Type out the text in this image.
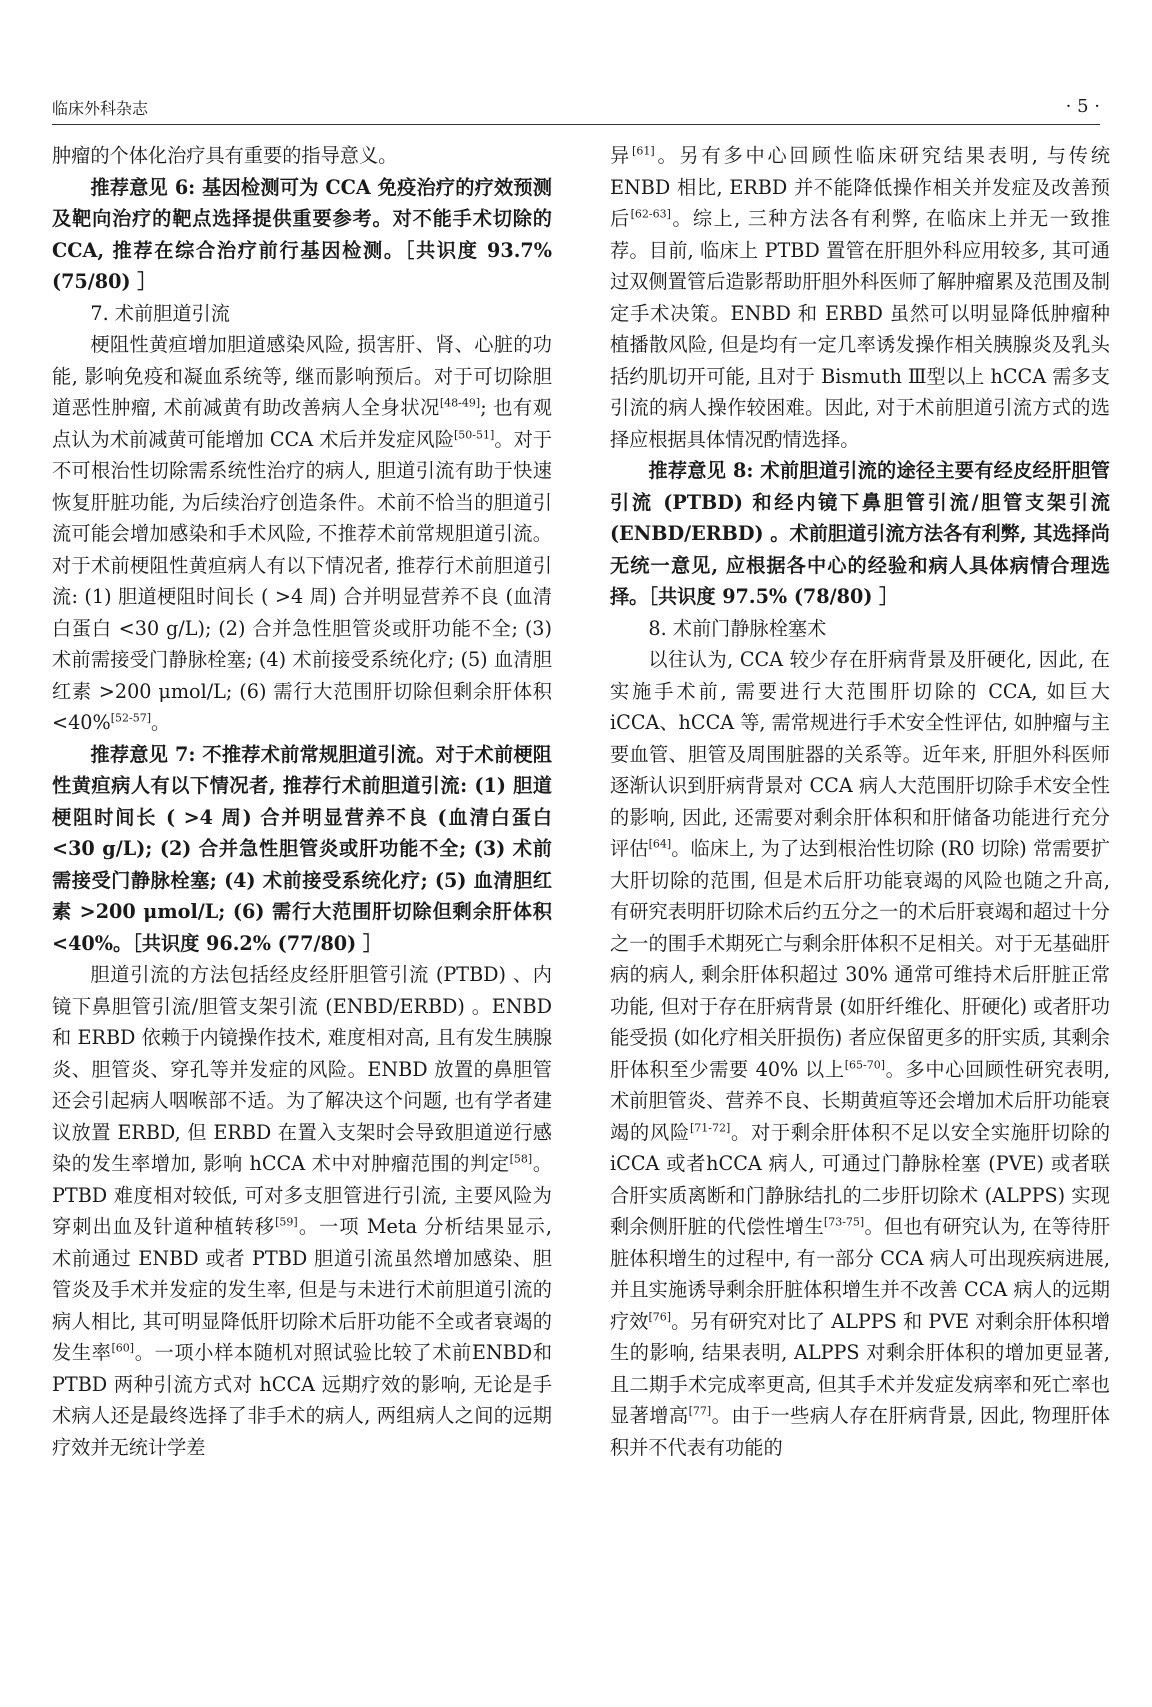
临床外科杂志	· 5 ·

肿瘤的个体化治疗具有重要的指导意义。

推荐意见 6: 基因检测可为 CCA 免疫治疗的疗效预测及靶向治疗的靶点选择提供重要参考。对不能手术切除的 CCA, 推荐在综合治疗前行基因检测。［共识度 93.7% (75/80) ］

7. 术前胆道引流

梗阻性黄疸增加胆道感染风险, 损害肝、肾、心脏的功能, 影响免疫和凝血系统等, 继而影响预后。对于可切除胆道恶性肿瘤, 术前减黄有助改善病人全身状况[48-49]; 也有观点认为术前减黄可能增加 CCA 术后并发症风险[50-51]。对于不可根治性切除需系统性治疗的病人, 胆道引流有助于快速恢复肝脏功能, 为后续治疗创造条件。术前不恰当的胆道引流可能会增加感染和手术风险, 不推荐术前常规胆道引流。对于术前梗阻性黄疸病人有以下情况者, 推荐行术前胆道引流: (1) 胆道梗阻时间长 ( >4 周) 合并明显营养不良 (血清白蛋白 <30 g/L); (2) 合并急性胆管炎或肝功能不全; (3) 术前需接受门静脉栓塞; (4) 术前接受系统化疗; (5) 血清胆红素 >200 μmol/L; (6) 需行大范围肝切除但剩余肝体积 <40%[52-57]。

推荐意见 7: 不推荐术前常规胆道引流。对于术前梗阻性黄疸病人有以下情况者, 推荐行术前胆道引流: (1) 胆道梗阻时间长 ( >4 周) 合并明显营养不良 (血清白蛋白 <30 g/L); (2) 合并急性胆管炎或肝功能不全; (3) 术前需接受门静脉栓塞; (4) 术前接受系统化疗; (5) 血清胆红素 >200 μmol/L; (6) 需行大范围肝切除但剩余肝体积 <40%。［共识度 96.2% (77/80) ］

胆道引流的方法包括经皮经肝胆管引流 (PTBD) 、内镜下鼻胆管引流/胆管支架引流 (ENBD/ERBD) 。ENBD 和 ERBD 依赖于内镜操作技术, 难度相对高, 且有发生胰腺炎、胆管炎、穿孔等并发症的风险。ENBD 放置的鼻胆管还会引起病人咽喉部不适。为了解决这个问题, 也有学者建议放置 ERBD, 但 ERBD 在置入支架时会导致胆道逆行感染的发生率增加, 影响 hCCA 术中对肿瘤范围的判定[58]。PTBD 难度相对较低, 可对多支胆管进行引流, 主要风险为穿刺出血及针道种植转移[59]。一项 Meta 分析结果显示, 术前通过 ENBD 或者 PTBD 胆道引流虽然增加感染、胆管炎及手术并发症的发生率, 但是与未进行术前胆道引流的病人相比, 其可明显降低肝切除术后肝功能不全或者衰竭的发生率[60]。一项小样本随机对照试验比较了术前ENBD和 PTBD 两种引流方式对 hCCA 远期疗效的影响, 无论是手术病人还是最终选择了非手术的病人, 两组病人之间的远期疗效并无统计学差

异[61]。另有多中心回顾性临床研究结果表明, 与传统 ENBD 相比, ERBD 并不能降低操作相关并发症及改善预后[62-63]。综上, 三种方法各有利弊, 在临床上并无一致推荐。目前, 临床上 PTBD 置管在肝胆外科应用较多, 其可通过双侧置管后造影帮助肝胆外科医师了解肿瘤累及范围及制定手术决策。ENBD 和 ERBD 虽然可以明显降低肿瘤种植播散风险, 但是均有一定几率诱发操作相关胰腺炎及乳头括约肌切开可能, 且对于 Bismuth Ⅲ型以上 hCCA 需多支引流的病人操作较困难。因此, 对于术前胆道引流方式的选择应根据具体情况酌情选择。

推荐意见 8: 术前胆道引流的途径主要有经皮经肝胆管引流 (PTBD) 和经内镜下鼻胆管引流/胆管支架引流 (ENBD/ERBD) 。术前胆道引流方法各有利弊, 其选择尚无统一意见, 应根据各中心的经验和病人具体病情合理选择。［共识度 97.5% (78/80) ］

8. 术前门静脉栓塞术

以往认为, CCA 较少存在肝病背景及肝硬化, 因此, 在实施手术前, 需要进行大范围肝切除的 CCA, 如巨大 iCCA、hCCA 等, 需常规进行手术安全性评估, 如肿瘤与主要血管、胆管及周围脏器的关系等。近年来, 肝胆外科医师逐渐认识到肝病背景对 CCA 病人大范围肝切除手术安全性的影响, 因此, 还需要对剩余肝体积和肝储备功能进行充分评估[64]。临床上, 为了达到根治性切除 (R0 切除) 常需要扩大肝切除的范围, 但是术后肝功能衰竭的风险也随之升高, 有研究表明肝切除术后约五分之一的术后肝衰竭和超过十分之一的围手术期死亡与剩余肝体积不足相关。对于无基础肝病的病人, 剩余肝体积超过 30% 通常可维持术后肝脏正常功能, 但对于存在肝病背景 (如肝纤维化、肝硬化) 或者肝功能受损 (如化疗相关肝损伤) 者应保留更多的肝实质, 其剩余肝体积至少需要 40% 以上[65-70]。多中心回顾性研究表明, 术前胆管炎、营养不良、长期黄疸等还会增加术后肝功能衰竭的风险[71-72]。对于剩余肝体积不足以安全实施肝切除的 iCCA 或者hCCA 病人, 可通过门静脉栓塞 (PVE) 或者联合肝实质离断和门静脉结扎的二步肝切除术 (ALPPS) 实现剩余侧肝脏的代偿性增生[73-75]。但也有研究认为, 在等待肝脏体积增生的过程中, 有一部分 CCA 病人可出现疾病进展, 并且实施诱导剩余肝脏体积增生并不改善 CCA 病人的远期疗效[76]。另有研究对比了 ALPPS 和 PVE 对剩余肝体积增生的影响, 结果表明, ALPPS 对剩余肝体积的增加更显著, 且二期手术完成率更高, 但其手术并发症发病率和死亡率也显著增高[77]。由于一些病人存在肝病背景, 因此, 物理肝体积并不代表有功能的
